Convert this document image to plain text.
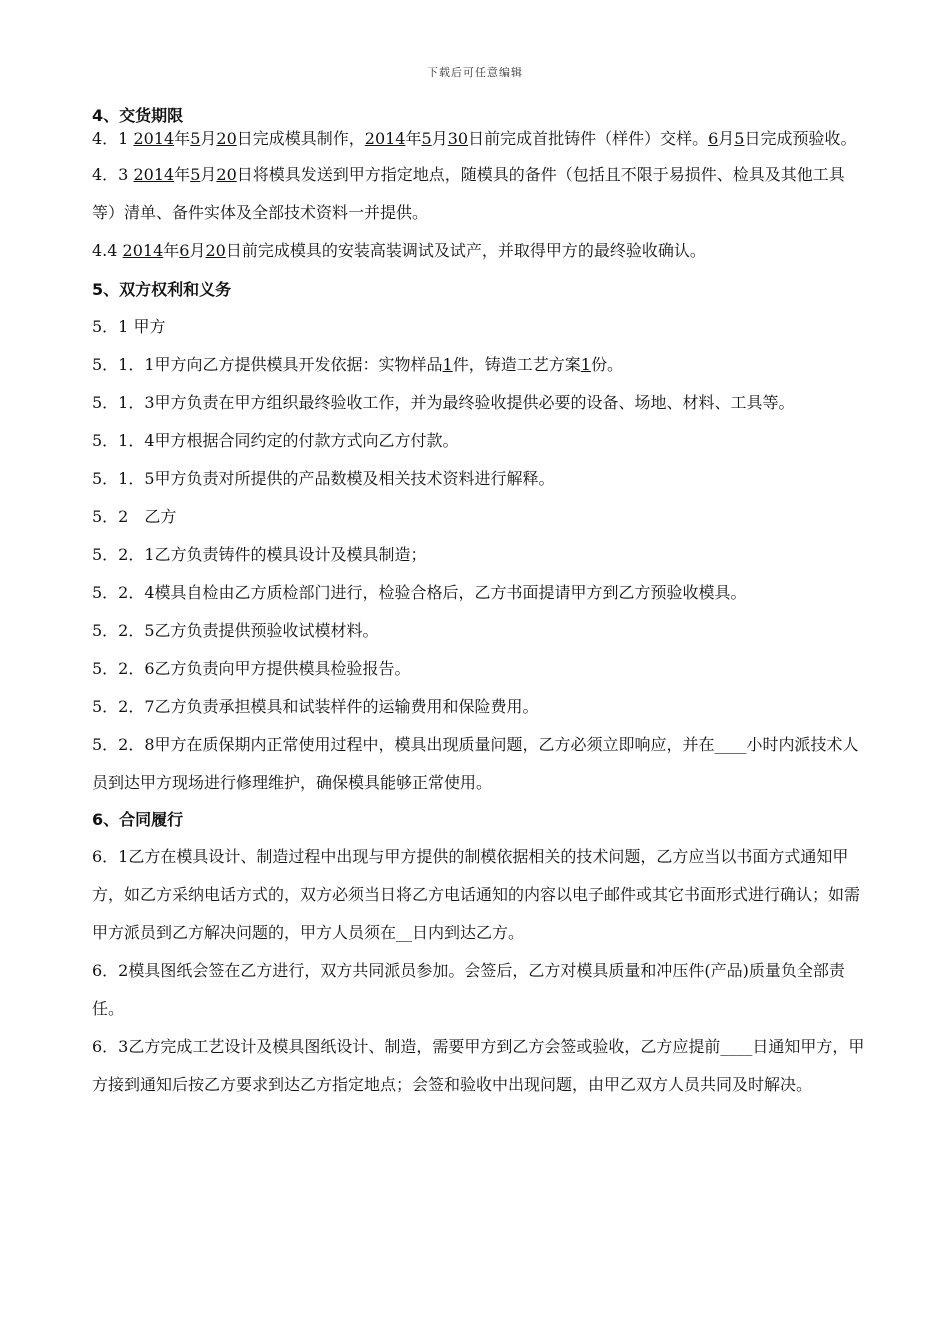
下载后可任意编辑

4、交货期限

4．1 2014年5月20日完成模具制作，2014年5月30日前完成首批铸件（样件）交样。6月5日完成预验收。

4．3 2014年5月20日将模具发送到甲方指定地点，随模具的备件（包括且不限于易损件、检具及其他工具等）清单、备件实体及全部技术资料一并提供。

4.4 2014年6月20日前完成模具的安装高装调试及试产，并取得甲方的最终验收确认。

5、双方权利和义务

5．1 甲方

5．1．1甲方向乙方提供模具开发依据：实物样品1件，铸造工艺方案1份。

5．1．3甲方负责在甲方组织最终验收工作，并为最终验收提供必要的设备、场地、材料、工具等。

5．1．4甲方根据合同约定的付款方式向乙方付款。

5．1．5甲方负责对所提供的产品数模及相关技术资料进行解释。

5．2　乙方

5．2．1乙方负责铸件的模具设计及模具制造；

5．2．4模具自检由乙方质检部门进行，检验合格后，乙方书面提请甲方到乙方预验收模具。

5．2．5乙方负责提供预验收试模材料。

5．2．6乙方负责向甲方提供模具检验报告。

5．2．7乙方负责承担模具和试装样件的运输费用和保险费用。

5．2．8甲方在质保期内正常使用过程中，模具出现质量问题，乙方必须立即响应，并在____小时内派技术人员到达甲方现场进行修理维护，确保模具能够正常使用。

6、合同履行

6．1乙方在模具设计、制造过程中出现与甲方提供的制模依据相关的技术问题，乙方应当以书面方式通知甲方，如乙方采纳电话方式的，双方必须当日将乙方电话通知的内容以电子邮件或其它书面形式进行确认；如需甲方派员到乙方解决问题的，甲方人员须在__日内到达乙方。

6．2模具图纸会签在乙方进行，双方共同派员参加。会签后，乙方对模具质量和冲压件(产品)质量负全部责任。

6．3乙方完成工艺设计及模具图纸设计、制造，需要甲方到乙方会签或验收，乙方应提前____日通知甲方，甲方接到通知后按乙方要求到达乙方指定地点；会签和验收中出现问题，由甲乙双方人员共同及时解决。
